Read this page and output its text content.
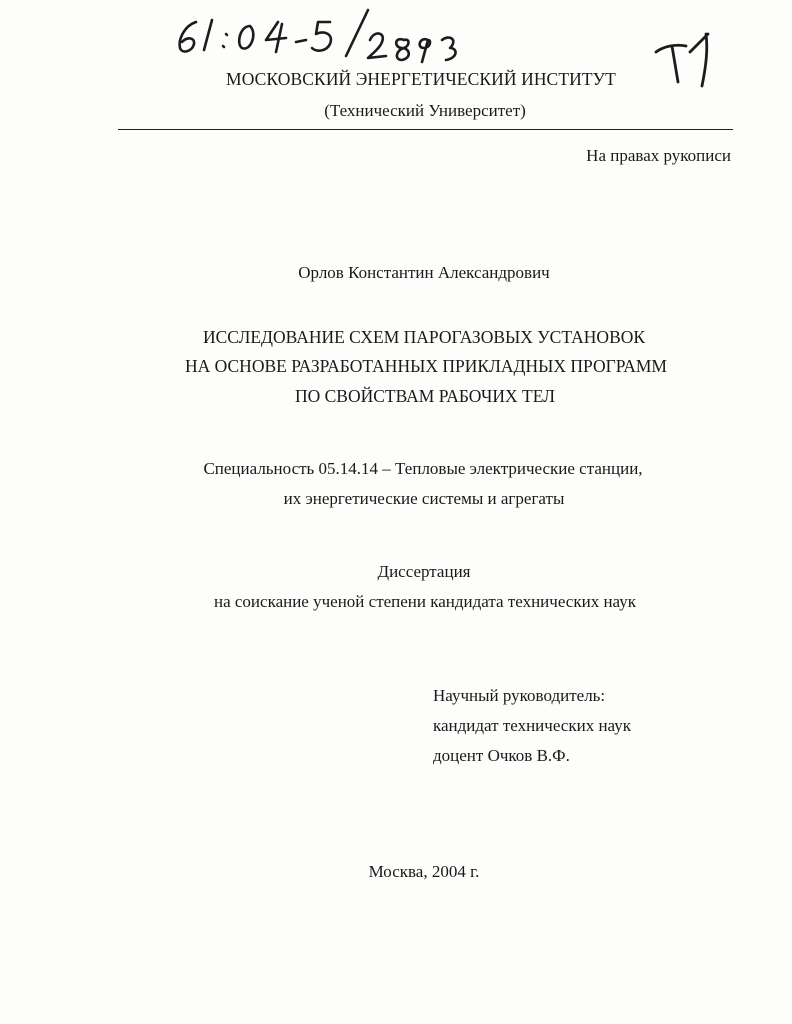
МОСКОВСКИЙ ЭНЕРГЕТИЧЕСКИЙ ИНСТИТУТ
(Технический Университет)
На правах рукописи
Орлов Константин Александрович
ИССЛЕДОВАНИЕ СХЕМ ПАРОГАЗОВЫХ УСТАНОВОК
НА ОСНОВЕ РАЗРАБОТАННЫХ ПРИКЛАДНЫХ ПРОГРАММ
ПО СВОЙСТВАМ РАБОЧИХ ТЕЛ
Специальность 05.14.14 – Тепловые электрические станции,
их энергетические системы и агрегаты
Диссертация
на соискание ученой степени кандидата технических наук
Научный руководитель:
кандидат технических наук
доцент Очков В.Ф.
Москва, 2004 г.
